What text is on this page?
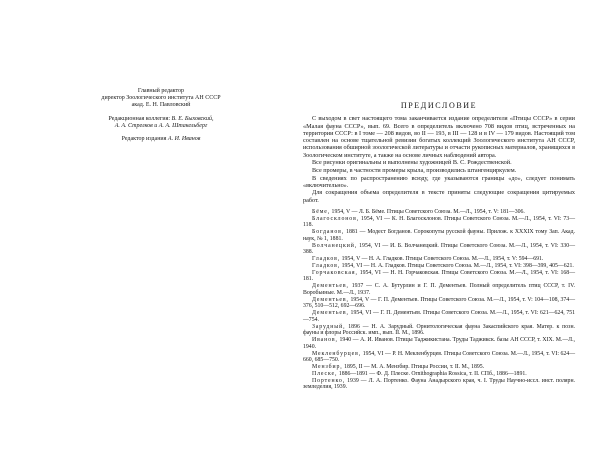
Главный редактор

директор Зоологического института АН СССР

акад. Е. Н. Павловский

Редакционная коллегия: В. Е. Быховский,

А. А. Стрелков и А. А. Штакельберг

Редактор издания А. И. Иванов

ПРЕДИСЛОВИЕ

С выходом в свет настоящего тома заканчивается издание определителя «Птицы СССР» в серии «Малая фауна СССР», вып. 69. Всего в определитель включено 708 видов птиц, встреченных на территории СССР: в I томе — 208 видов, во II — 193, в III — 128 и в IV — 179 видов. Настоящий том составлен на основе тщательной ревизии богатых коллекций Зоологического института АН СССР, использования обширной зоологической литературы и отчасти рукописных материалов, хранящихся в Зоологическом институте, а также на основе личных наблюдений автора.

Все рисунки оригинальны и выполнены художницей В. С. Рождественской.

Все промеры, в частности промеры крыла, производились штангенциркулем.

В сведениях по распространению всюду, где указываются границы «до», следует понимать «включительно».

Для сокращения объема определителя в тексте приняты следующие сокращения цитируемых работ.

Бёме, 1954, V — Л. Б. Бёме. Птицы Советского Союза. М.—Л., 1954, т. V: 181—306.

Благосклонов, 1954, VI — К. Н. Благосклонов. Птицы Советского Союза. М.—Л., 1954, т. VI: 73—118.

Богданов, 1881 — Модест Богданов. Сорокопуты русской фауны. Прилож. к XXXIX тому Зап. Акад. наук, № 1, 1881.

Волчанецкий, 1954, VI — И. Б. Волчанецкий. Птицы Советского Союза. М.—Л., 1954, т. VI: 330—388.

Гладков, 1954, V — Н. А. Гладков. Птицы Советского Союза. М.—Л., 1954, т. V: 594—691.

Гладков, 1954, VI — Н. А. Гладков. Птицы Советского Союза. М.—Л., 1954, т. VI: 398—399, 405—621.

Горчаковская, 1954, VI — Н. Н. Горчаковская. Птицы Советского Союза. М.—Л., 1954, т. VI: 168—181.

Дементьев, 1937 — С. А. Бутурлин и Г. П. Дементьев. Полный определитель птиц СССР, т. IV. Воробьиные. М.—Л., 1937.

Дементьев, 1954, V — Г. П. Дементьев. Птицы Советского Союза. М.—Л., 1954, т. V: 104—108, 374—376, 510—512, 692—696.

Дементьев, 1954, VI — Г. П. Дементьев. Птицы Советского Союза. М.—Л., 1954, т. VI: 621—624, 751—754.

Зарудный, 1896 — Н. А. Зарудный. Орнитологическая фауна Закаспийского края. Матер. к позн. фауны и флоры Российск. имп., вып. II. М., 1896.

Иванов, 1940 — А. И. Иванов. Птицы Таджикистана. Труды Таджикск. базы АН СССР, т. XIX. М.—Л., 1940.

Мекленбурцев, 1954, VI — Р. Н. Мекленбурцев. Птицы Советского Союза. М.—Л., 1954, т. VI: 624—660, 685—750.

Мензбир, 1895, II — М. А. Мензбир. Птицы России, т. II. М., 1895.

Плеске, 1886—1891 — Ф. Д. Плеске. Ornithographia Rossica, т. II. СПб., 1886—1891.

Портенко, 1939 — Л. А. Портенко. Фауна Анадырского края, ч. I. Труды Научно-иссл. инст. полярн. земледелия, 1939.
